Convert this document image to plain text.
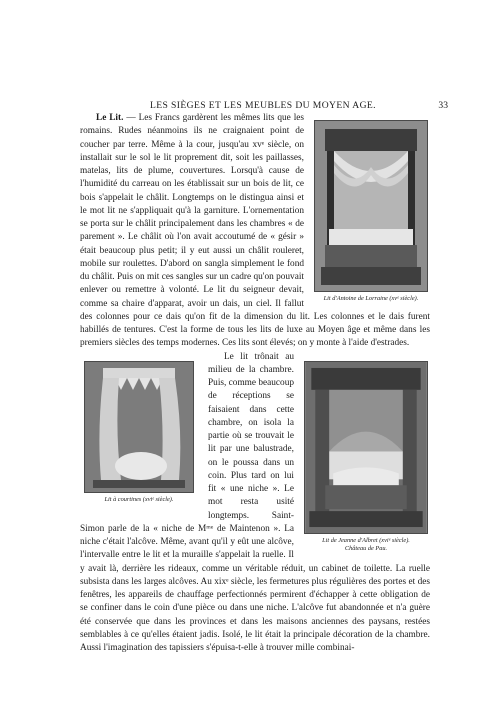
LES SIÈGES ET LES MEUBLES DU MOYEN AGE.	33
Lit d'Antoine de Lorraine (xvᵉ siècle).

Le Lit. — Les Francs gardèrent les mêmes lits que les romains. Rudes néanmoins ils ne craignaient point de coucher par terre. Même à la cour, jusqu'au xvᵉ siècle, on installait sur le sol le lit proprement dit, soit les paillasses, matelas, lits de plume, couvertures. Lorsqu'à cause de l'humidité du carreau on les établissait sur un bois de lit, ce bois s'appelait le châlit. Longtemps on le distingua ainsi et le mot lit ne s'appliquait qu'à la garniture. L'ornementation se porta sur le châlit principalement dans les chambres « de parement ». Le châlit où l'on avait accoutumé de « gésir » était beaucoup plus petit; il y eut aussi un châlit rouleret, mobile sur roulettes. D'abord on sangla simplement le fond du châlit. Puis on mit ces sangles sur un cadre qu'on pouvait enlever ou remettre à volonté. Le lit du seigneur devait, comme sa chaire d'apparat, avoir un dais, un ciel. Il fallut des colonnes pour ce dais qu'on fit de la dimension du lit. Les colonnes et le dais furent habillés de tentures. C'est la forme de tous les lits de luxe au Moyen âge et même dans les premiers siècles des temps modernes. Ces lits sont élevés; on y monte à l'aide d'estrades.

Lit à courtines (xviᵉ siècle).
Lit de Jeanne d'Albret (xviᵉ siècle).
Château de Pau.

Le lit trônait au milieu de la chambre. Puis, comme beaucoup de réceptions se faisaient dans cette chambre, on isola la partie où se trouvait le lit par une balustrade, on le poussa dans un coin. Plus tard on lui fit « une niche ». Le mot resta usité longtemps. Saint-Simon parle de la « niche de Mᵐᵉ de Maintenon ». La niche c'était l'alcôve. Même, avant qu'il y eût une alcôve, l'intervalle entre le lit et la muraille s'appelait la ruelle. Il y avait là, derrière les rideaux, comme un véritable réduit, un cabinet de toilette. La ruelle subsista dans les larges alcôves. Au xixᵉ siècle, les fermetures plus régulières des portes et des fenêtres, les appareils de chauffage perfectionnés permirent d'échapper à cette obligation de se confiner dans le coin d'une pièce ou dans une niche. L'alcôve fut abandonnée et n'a guère été conservée que dans les provinces et dans les maisons anciennes des paysans, restées semblables à ce qu'elles étaient jadis. Isolé, le lit était la principale décoration de la chambre. Aussi l'imagination des tapissiers s'épuisa-t-elle à trouver mille combinai-
